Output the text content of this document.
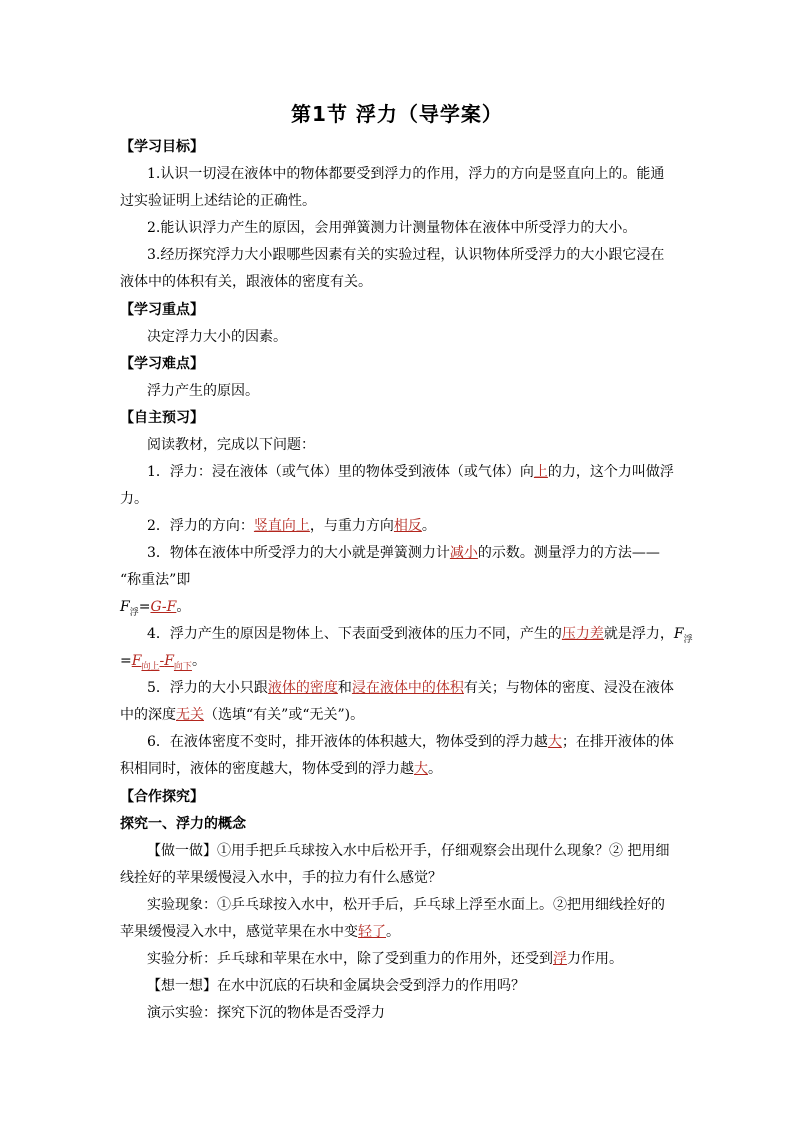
第1节 浮力（导学案）
【学习目标】
1.认识一切浸在液体中的物体都要受到浮力的作用，浮力的方向是竖直向上的。能通
过实验证明上述结论的正确性。
2.能认识浮力产生的原因，会用弹簧测力计测量物体在液体中所受浮力的大小。
3.经历探究浮力大小跟哪些因素有关的实验过程，认识物体所受浮力的大小跟它浸在
液体中的体积有关，跟液体的密度有关。
【学习重点】
决定浮力大小的因素。
【学习难点】
浮力产生的原因。
【自主预习】
阅读教材，完成以下问题：
1．浮力：浸在液体（或气体）里的物体受到液体（或气体）向上的力，这个力叫做浮
力。
2．浮力的方向：竖直向上，与重力方向相反。
3．物体在液体中所受浮力的大小就是弹簧测力计减小的示数。测量浮力的方法——
“称重法”即
$F_浮=G-F$。
4．浮力产生的原因是物体上、下表面受到液体的压力不同，产生的压力差就是浮力，$F_浮$
$=F_{向上}-F_{向下}$。
5．浮力的大小只跟液体的密度和浸在液体中的体积有关；与物体的密度、浸没在液体
中的深度无关（选填“有关”或“无关”)。
6．在液体密度不变时，排开液体的体积越大，物体受到的浮力越大；在排开液体的体
积相同时，液体的密度越大，物体受到的浮力越大。
【合作探究】
探究一、浮力的概念
【做一做】①用手把乒乓球按入水中后松开手，仔细观察会出现什么现象？② 把用细
线拴好的苹果缓慢浸入水中，手的拉力有什么感觉？
实验现象：①乒乓球按入水中，松开手后，乒乓球上浮至水面上。②把用细线拴好的
苹果缓慢浸入水中，感觉苹果在水中变轻了。
实验分析：乒乓球和苹果在水中，除了受到重力的作用外，还受到浮力作用。
【想一想】在水中沉底的石块和金属块会受到浮力的作用吗？
演示实验：探究下沉的物体是否受浮力
